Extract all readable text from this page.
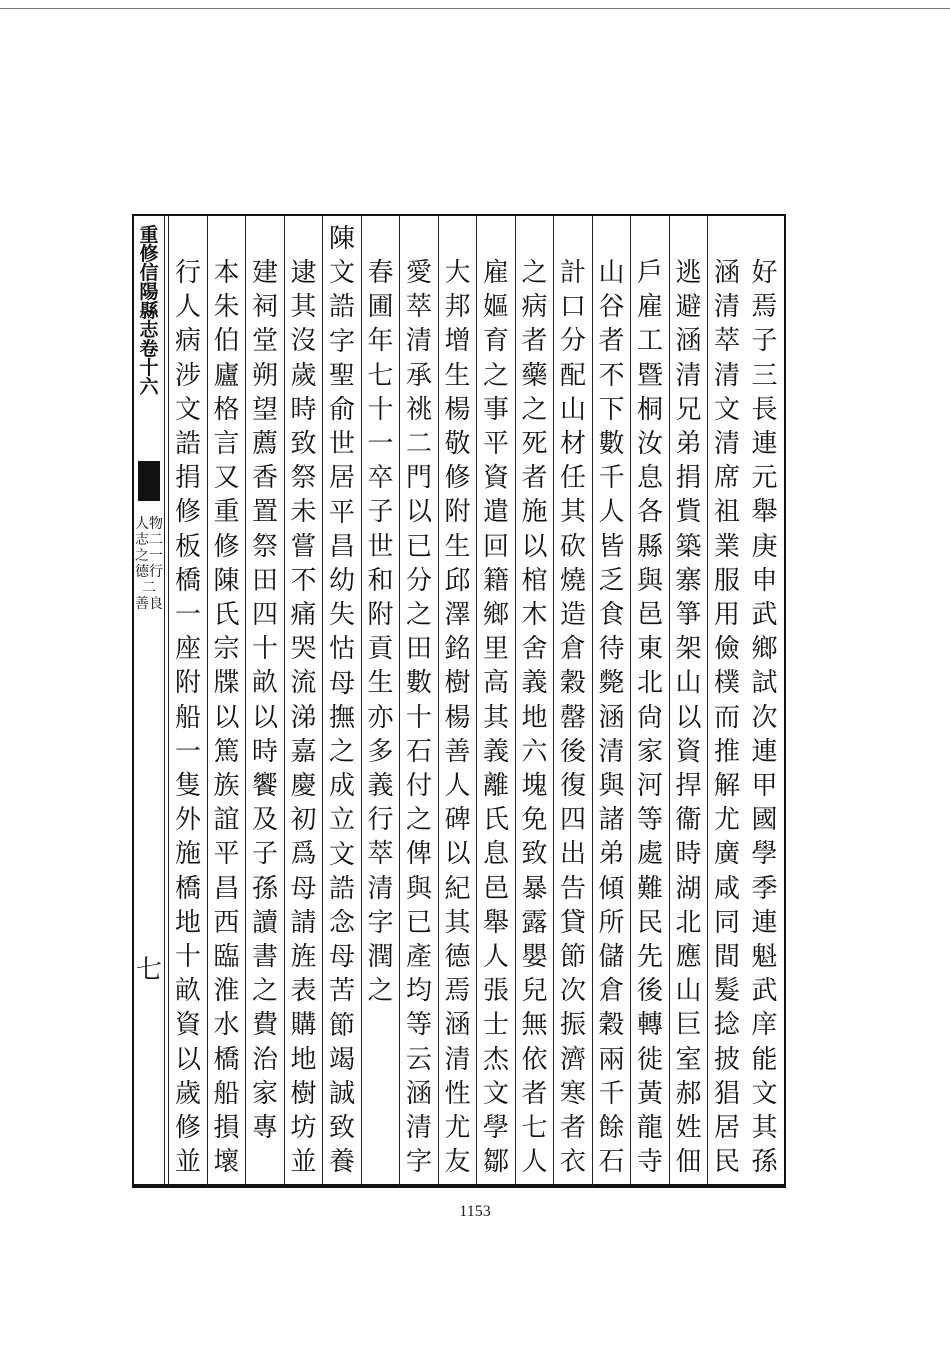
重修信陽縣志卷十六
人物志二之一 德行二 善良
七
好焉子三長連元舉庚申武鄉試次連甲國學季連魁武庠能文其孫
涵清萃清文清席祖業服用儉樸而推解尤廣咸同間髮捻披猖居民
逃避涵清兄弟捐貲築寨箏架山以資捍衞時湖北應山巨室郝姓佃
戶雇工暨桐汝息各縣與邑東北尙家河等處難民先後轉徙黃龍寺
山谷者不下數千人皆乏食待斃涵清與諸弟傾所儲倉穀兩千餘石
計口分配山材任其砍燒造倉穀罄後復四出告貸節次振濟寒者衣
之病者藥之死者施以棺木舍義地六塊免致暴露嬰兒無依者七人
雇嫗育之事平資遣回籍鄉里高其義離氏息邑舉人張士杰文學鄒
大邦增生楊敬修附生邱澤銘樹楊善人碑以紀其德焉涵清性尤友
愛萃清承祧二門以已分之田數十石付之俾與已產均等云涵清字
春圃年七十一卒子世和附貢生亦多義行萃清字潤之
陳文誥字聖俞世居平昌幼失怙母撫之成立文誥念母苦節竭誠致養
逮其沒歲時致祭未嘗不痛哭流涕嘉慶初爲母請旌表購地樹坊並
建祠堂朔望薦香置祭田四十畝以 時饗及子孫讀書之費治家專
本朱伯廬格言又重修陳氏宗牒以篤族誼平昌西臨淮水橋船損壞
行人病涉文誥捐修板橋一座附船一隻外施橋地十畝資以歲修並
1153
